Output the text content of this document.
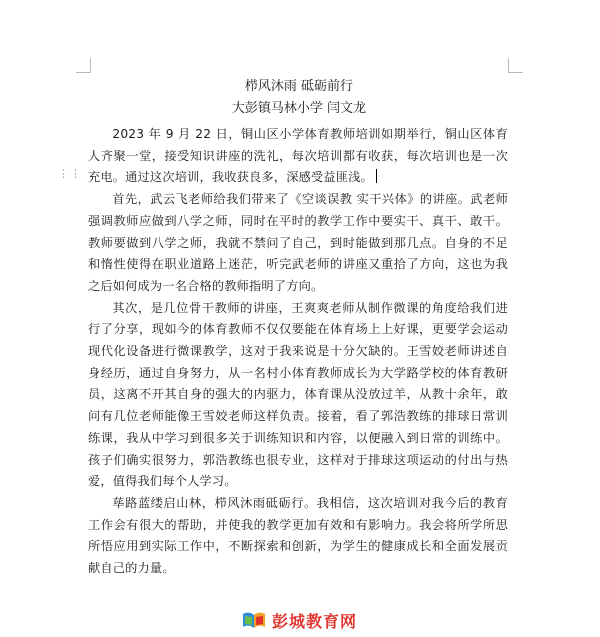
⋮⋮
栉风沐雨 砥砺前行
大彭镇马林小学 闫文龙

2023 年 9 月 22 日，铜山区小学体育教师培训如期举行，铜山区体育人齐聚一堂，接受知识讲座的洗礼，每次培训都有收获，每次培训也是一次充电。通过这次培训，我收获良多，深感受益匪浅。

首先，武云飞老师给我们带来了《空谈误教 实干兴体》的讲座。武老师强调教师应做到八学之师，同时在平时的教学工作中要实干、真干、敢干。教师要做到八学之师，我就不禁问了自己，到时能做到那几点。自身的不足和惰性使得在职业道路上迷茫，听完武老师的讲座又重拾了方向，这也为我之后如何成为一名合格的教师指明了方向。

其次，是几位骨干教师的讲座，王爽爽老师从制作微课的角度给我们进行了分享，现如今的体育教师不仅仅要能在体育场上上好课，更要学会运动现代化设备进行微课教学，这对于我来说是十分欠缺的。王雪姣老师讲述自身经历，通过自身努力，从一名村小体育教师成长为大学路学校的体育教研员，这离不开其自身的强大的内驱力，体育课从没放过羊，从教十余年，敢问有几位老师能像王雪姣老师这样负责。接着，看了郭浩教练的排球日常训练课，我从中学习到很多关于训练知识和内容，以便融入到日常的训练中。孩子们确实很努力，郭浩教练也很专业，这样对于排球这项运动的付出与热爱，值得我们每个人学习。

荜路蓝缕启山林，栉风沐雨砥砺行。我相信，这次培训对我今后的教育工作会有很大的帮助，并使我的教学更加有效和有影响力。我会将所学所思所悟应用到实际工作中，不断探索和创新，为学生的健康成长和全面发展贡献自己的力量。

彭城教育网
